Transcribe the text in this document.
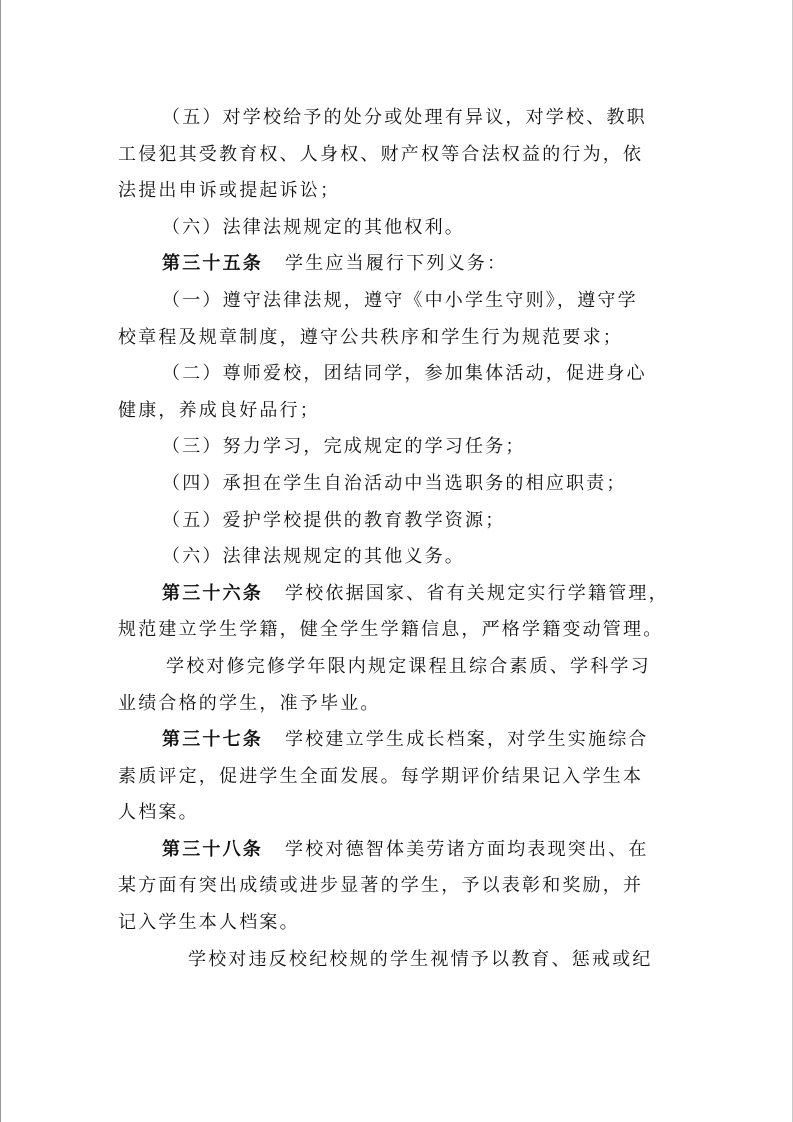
（五）对学校给予的处分或处理有异议，对学校、教职
工侵犯其受教育权、人身权、财产权等合法权益的行为，依
法提出申诉或提起诉讼；
（六）法律法规规定的其他权利。
第三十五条 学生应当履行下列义务：
（一）遵守法律法规，遵守《中小学生守则》，遵守学
校章程及规章制度，遵守公共秩序和学生行为规范要求；
（二）尊师爱校，团结同学，参加集体活动，促进身心
健康，养成良好品行；
（三）努力学习，完成规定的学习任务；
（四）承担在学生自治活动中当选职务的相应职责；
（五）爱护学校提供的教育教学资源；
（六）法律法规规定的其他义务。
第三十六条 学校依据国家、省有关规定实行学籍管理，
规范建立学生学籍，健全学生学籍信息，严格学籍变动管理。
学校对修完修学年限内规定课程且综合素质、学科学习
业绩合格的学生，准予毕业。
第三十七条 学校建立学生成长档案，对学生实施综合
素质评定，促进学生全面发展。每学期评价结果记入学生本
人档案。
第三十八条 学校对德智体美劳诸方面均表现突出、在
某方面有突出成绩或进步显著的学生，予以表彰和奖励，并
记入学生本人档案。
学校对违反校纪校规的学生视情予以教育、惩戒或纪
